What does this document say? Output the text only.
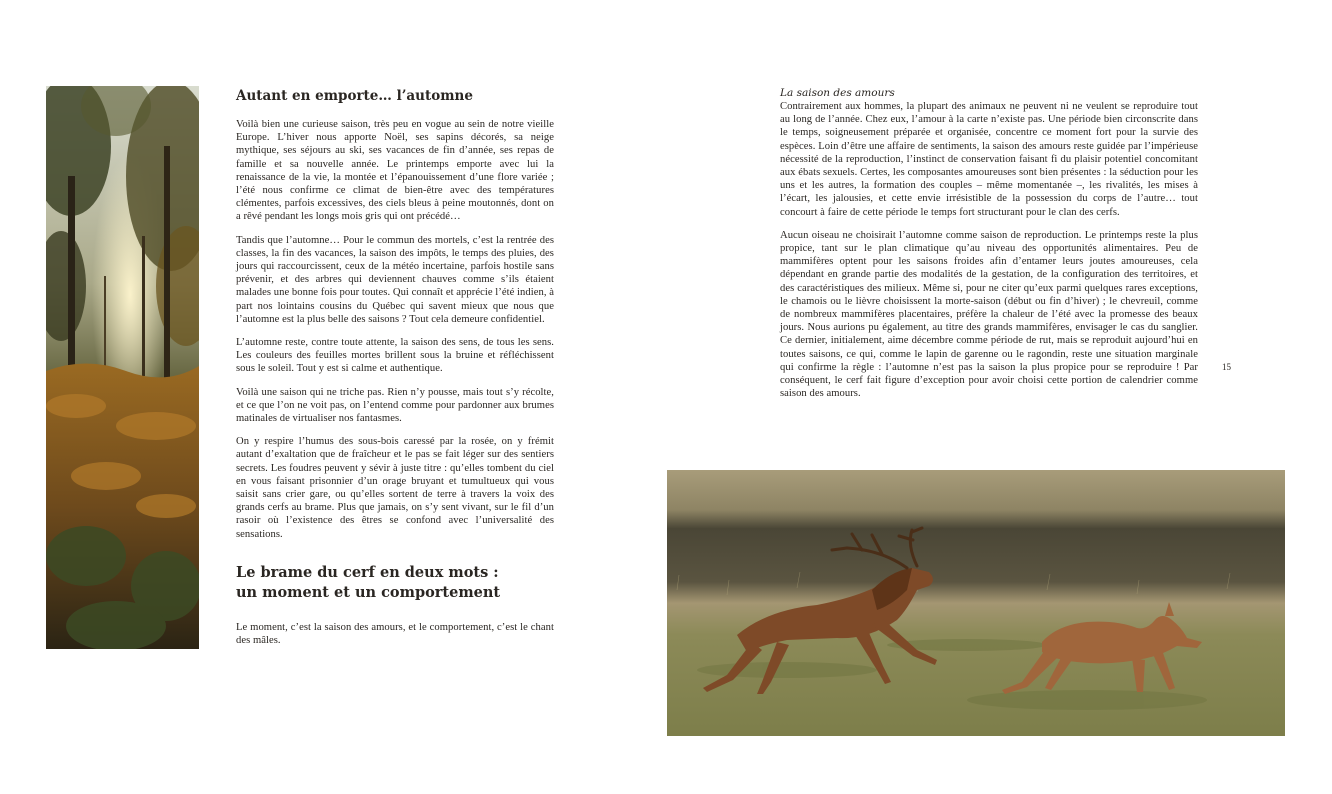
Autant en emporte… l’automne

Voilà bien une curieuse saison, très peu en vogue au sein de notre vieille Europe. L’hiver nous apporte Noël, ses sapins décorés, sa neige mythique, ses séjours au ski, ses vacances de fin d’année, ses repas de famille et sa nouvelle année. Le printemps emporte avec lui la renaissance de la vie, la montée et l’épanouissement d’une flore variée ; l’été nous confirme ce climat de bien-être avec des températures clémentes, parfois excessives, des ciels bleus à peine moutonnés, dont on a rêvé pendant les longs mois gris qui ont précédé…

Tandis que l’automne… Pour le commun des mortels, c’est la rentrée des classes, la fin des vacances, la saison des impôts, le temps des pluies, des jours qui raccourcissent, ceux de la météo incertaine, parfois hostile sans prévenir, et des arbres qui deviennent chauves comme s’ils étaient malades une bonne fois pour toutes. Qui connaît et apprécie l’été indien, à part nos lointains cousins du Québec qui savent mieux que nous que l’automne est la plus belle des saisons ? Tout cela demeure confidentiel.

L’automne reste, contre toute attente, la saison des sens, de tous les sens. Les couleurs des feuilles mortes brillent sous la bruine et réfléchissent sous le soleil. Tout y est si calme et authentique.

Voilà une saison qui ne triche pas. Rien n’y pousse, mais tout s’y récolte, et ce que l’on ne voit pas, on l’entend comme pour pardonner aux brumes matinales de virtualiser nos fantasmes.

On y respire l’humus des sous-bois caressé par la rosée, on y frémit autant d’exaltation que de fraîcheur et le pas se fait léger sur des sentiers secrets. Les foudres peuvent y sévir à juste titre : qu’elles tombent du ciel en vous faisant prisonnier d’un orage bruyant et tumultueux qui vous saisit sans crier gare, ou qu’elles sortent de terre à travers la voix des grands cerfs au brame. Plus que jamais, on s’y sent vivant, sur le fil d’un rasoir où l’existence des êtres se confond avec l’universalité des sensations.

Le brame du cerf en deux mots :
un moment et un comportement

Le moment, c’est la saison des amours, et le comportement, c’est le chant des mâles.

La saison des amours

Contrairement aux hommes, la plupart des animaux ne peuvent ni ne veulent se reproduire tout au long de l’année. Chez eux, l’amour à la carte n’existe pas. Une période bien circonscrite dans le temps, soigneusement préparée et organisée, concentre ce moment fort pour la survie des espèces. Loin d’être une affaire de sentiments, la saison des amours reste guidée par l’impérieuse nécessité de la reproduction, l’instinct de conservation faisant fi du plaisir potentiel concomitant aux ébats sexuels. Certes, les composantes amoureuses sont bien présentes : la séduction pour les uns et les autres, la formation des couples – même momentanée –, les rivalités, les mises à l’écart, les jalousies, et cette envie irrésistible de la possession du corps de l’autre… tout concourt à faire de cette période le temps fort structurant pour le clan des cerfs.

Aucun oiseau ne choisirait l’automne comme saison de reproduction. Le printemps reste la plus propice, tant sur le plan climatique qu’au niveau des opportunités alimentaires. Peu de mammifères optent pour les saisons froides afin d’entamer leurs joutes amoureuses, cela dépendant en grande partie des modalités de la gestation, de la configuration des territoires, et des caractéristiques des milieux. Même si, pour ne citer qu’eux parmi quelques rares exceptions, le chamois ou le lièvre choisissent la morte-saison (début ou fin d’hiver) ; le chevreuil, comme de nombreux mammifères placentaires, préfère la chaleur de l’été avec la promesse des beaux jours. Nous aurions pu également, au titre des grands mammifères, envisager le cas du sanglier. Ce dernier, initialement, aime décembre comme période de rut, mais se reproduit aujourd’hui en toutes saisons, ce qui, comme le lapin de garenne ou le ragondin, reste une situation marginale qui confirme la règle : l’automne n’est pas la saison la plus propice pour se reproduire ! Par conséquent, le cerf fait figure d’exception pour avoir choisi cette portion de calendrier comme saison des amours.

15
